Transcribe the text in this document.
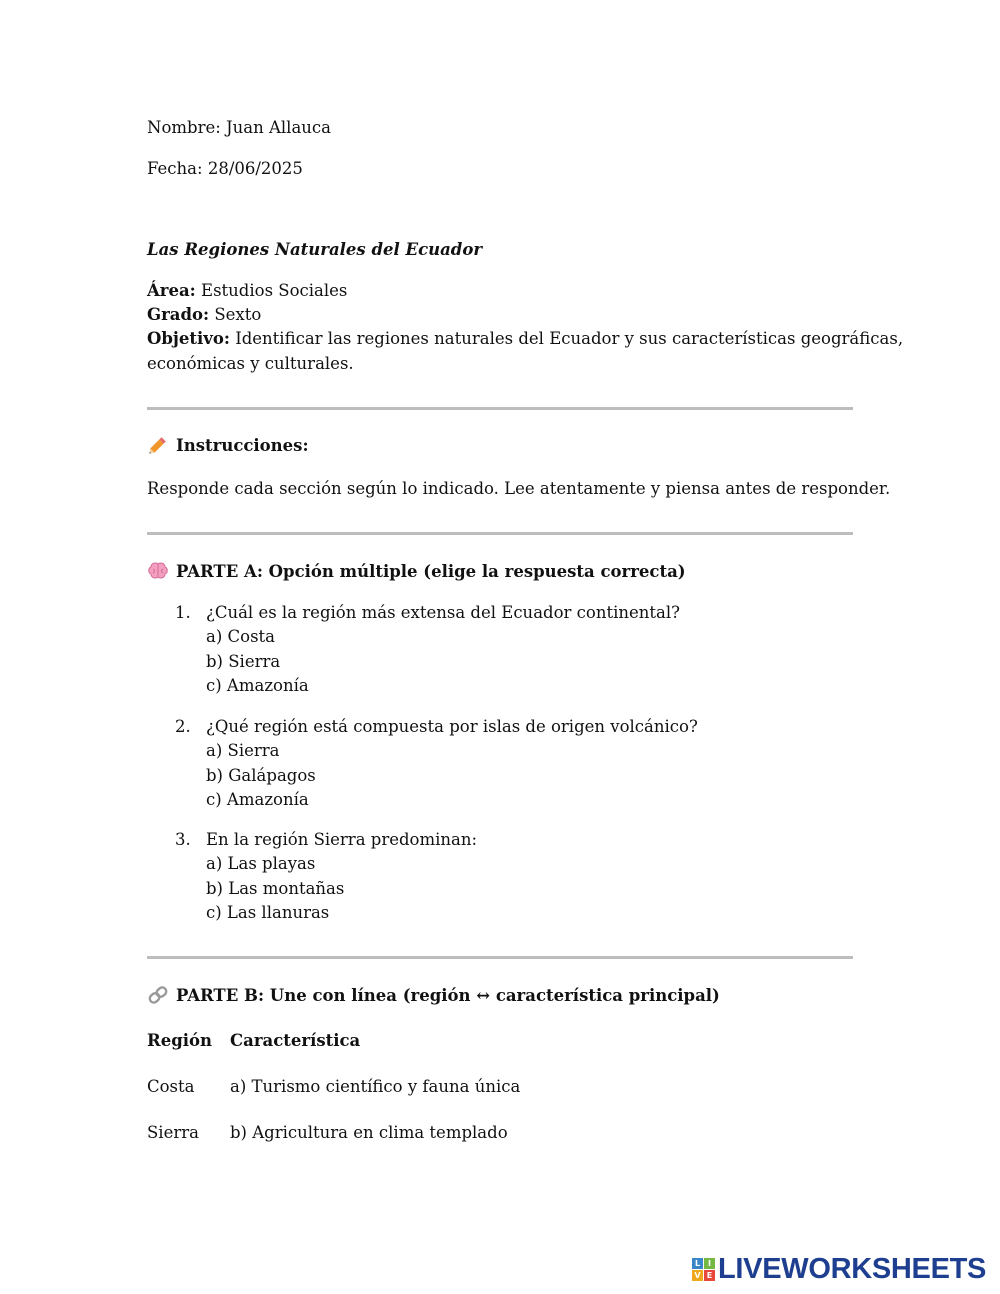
Nombre: Juan Allauca
Fecha: 28/06/2025
Las Regiones Naturales del Ecuador
Área: Estudios Sociales
Grado: Sexto
Objetivo: Identificar las regiones naturales del Ecuador y sus características geográficas,
económicas y culturales.
Instrucciones:
Responde cada sección según lo indicado. Lee atentamente y piensa antes de responder.
PARTE A: Opción múltiple (elige la respuesta correcta)
1. ¿Cuál es la región más extensa del Ecuador continental?
a) Costa
b) Sierra
c) Amazonía
2. ¿Qué región está compuesta por islas de origen volcánico?
a) Sierra
b) Galápagos
c) Amazonía
3. En la región Sierra predominan:
a) Las playas
b) Las montañas
c) Las llanuras
PARTE B: Une con línea (región ↔ característica principal)
Región Característica
Costa a) Turismo científico y fauna única
Sierra b) Agricultura en clima templado
L I
V E LIVEWORKSHEETS
